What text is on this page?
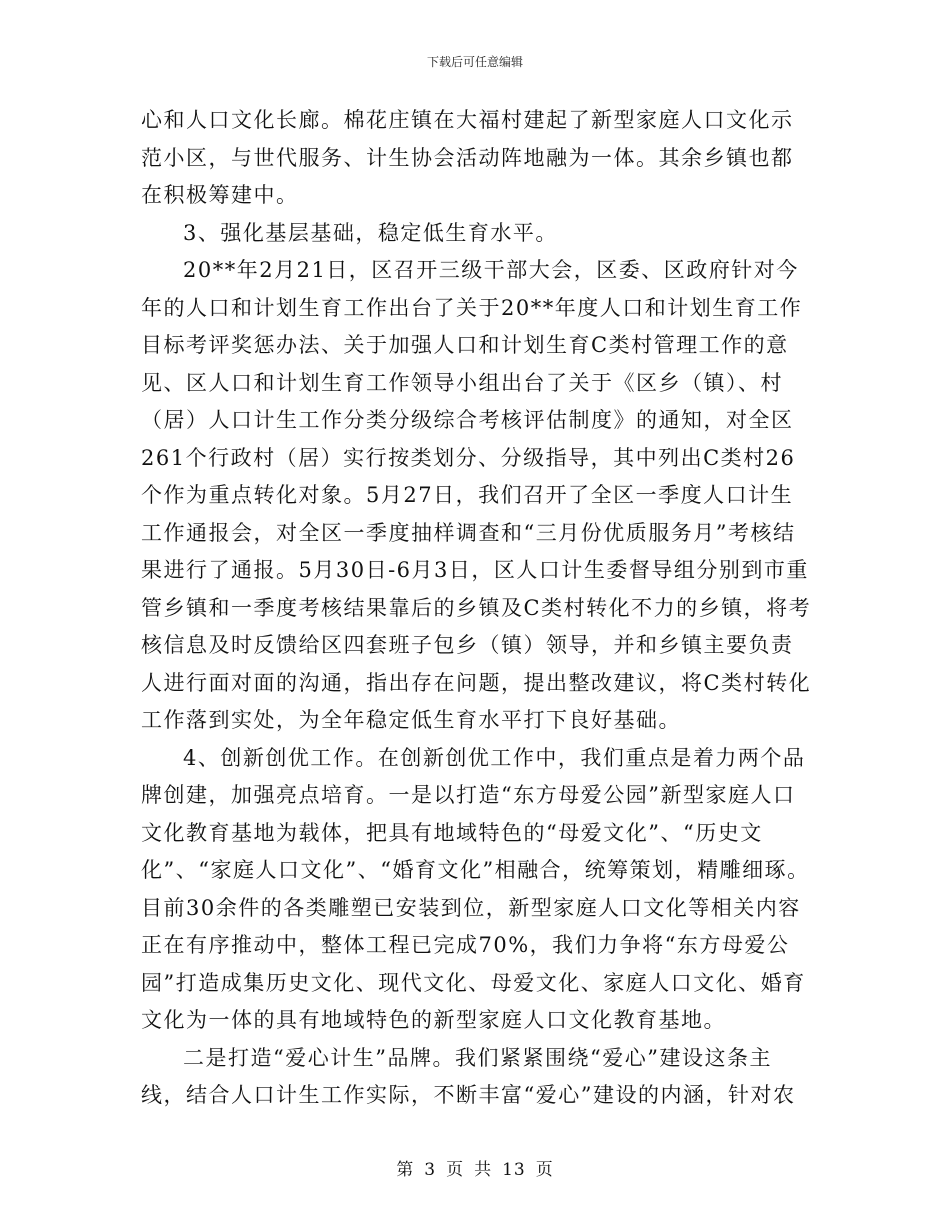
下载后可任意编辑

心和人口文化长廊。棉花庄镇在大福村建起了新型家庭人口文化示范小区，与世代服务、计生协会活动阵地融为一体。其余乡镇也都在积极筹建中。

3、强化基层基础，稳定低生育水平。

20**年2月21日，区召开三级干部大会，区委、区政府针对今年的人口和计划生育工作出台了关于20**年度人口和计划生育工作目标考评奖惩办法、关于加强人口和计划生育C类村管理工作的意见、区人口和计划生育工作领导小组出台了关于《区乡（镇）、村（居）人口计生工作分类分级综合考核评估制度》的通知，对全区261个行政村（居）实行按类划分、分级指导，其中列出C类村26个作为重点转化对象。5月27日，我们召开了全区一季度人口计生工作通报会，对全区一季度抽样调查和“三月份优质服务月”考核结果进行了通报。5月30日-6月3日，区人口计生委督导组分别到市重管乡镇和一季度考核结果靠后的乡镇及C类村转化不力的乡镇，将考核信息及时反馈给区四套班子包乡（镇）领导，并和乡镇主要负责人进行面对面的沟通，指出存在问题，提出整改建议，将C类村转化工作落到实处，为全年稳定低生育水平打下良好基础。

4、创新创优工作。在创新创优工作中，我们重点是着力两个品牌创建，加强亮点培育。一是以打造“东方母爱公园”新型家庭人口文化教育基地为载体，把具有地域特色的“母爱文化”、“历史文化”、“家庭人口文化”、“婚育文化”相融合，统筹策划，精雕细琢。目前30余件的各类雕塑已安装到位，新型家庭人口文化等相关内容正在有序推动中，整体工程已完成70%，我们力争将“东方母爱公园”打造成集历史文化、现代文化、母爱文化、家庭人口文化、婚育文化为一体的具有地域特色的新型家庭人口文化教育基地。

二是打造“爱心计生”品牌。我们紧紧围绕“爱心”建设这条主线，结合人口计生工作实际，不断丰富“爱心”建设的内涵，针对农

第 3 页 共 13 页
